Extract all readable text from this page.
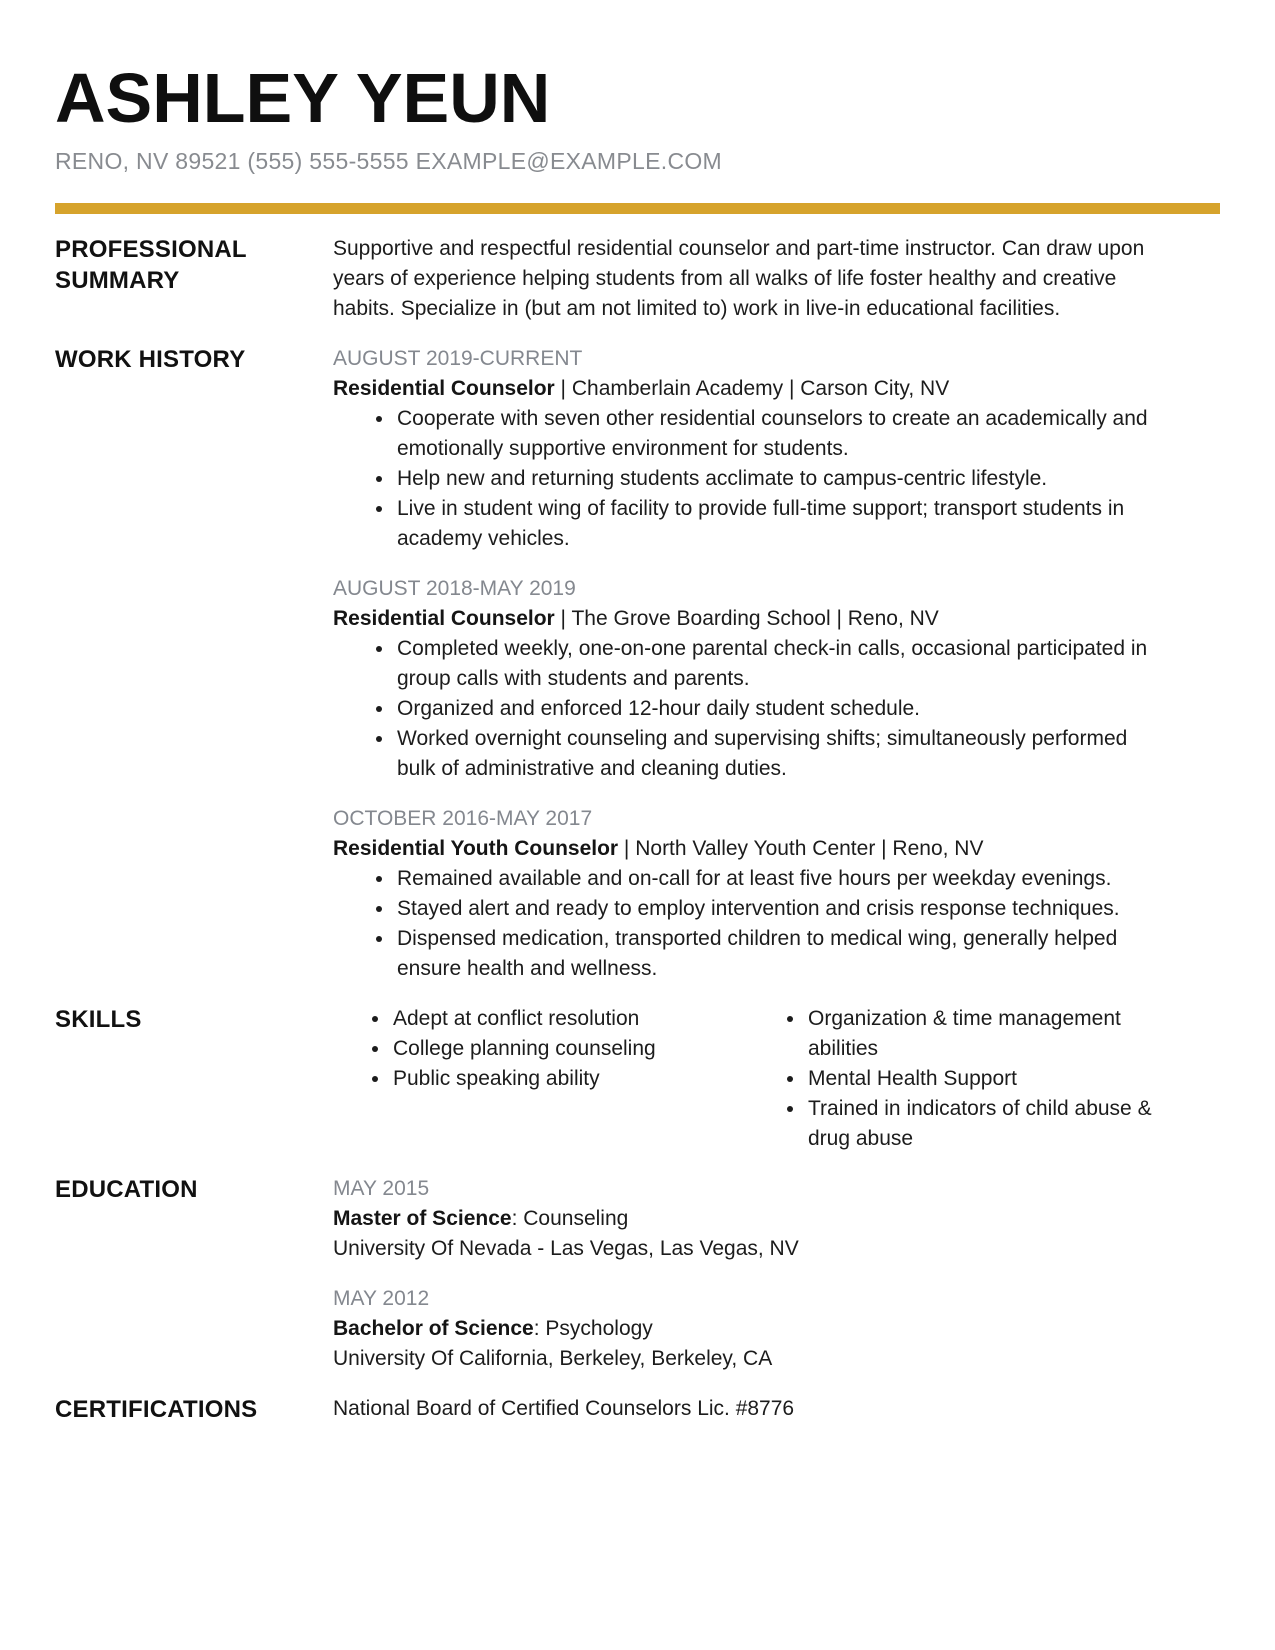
ASHLEY YEUN
RENO, NV 89521 (555) 555-5555 EXAMPLE@EXAMPLE.COM
PROFESSIONAL SUMMARY

Supportive and respectful residential counselor and part-time instructor. Can draw upon years of experience helping students from all walks of life foster healthy and creative habits. Specialize in (but am not limited to) work in live-in educational facilities.

WORK HISTORY	AUGUST 2019-CURRENT
Residential Counselor | Chamberlain Academy | Carson City, NV
• Cooperate with seven other residential counselors to create an academically and emotionally supportive environment for students.
• Help new and returning students acclimate to campus-centric lifestyle.
• Live in student wing of facility to provide full-time support; transport students in academy vehicles.
AUGUST 2018-MAY 2019
Residential Counselor | The Grove Boarding School | Reno, NV
• Completed weekly, one-on-one parental check-in calls, occasional participated in group calls with students and parents.
• Organized and enforced 12-hour daily student schedule.
• Worked overnight counseling and supervising shifts; simultaneously performed bulk of administrative and cleaning duties.
OCTOBER 2016-MAY 2017
Residential Youth Counselor | North Valley Youth Center | Reno, NV
• Remained available and on-call for at least five hours per weekday evenings.
• Stayed alert and ready to employ intervention and crisis response techniques.
• Dispensed medication, transported children to medical wing, generally helped ensure health and wellness.
SKILLS	• Adept at conflict resolution
• College planning counseling
• Public speaking ability
• Organization & time management abilities
• Mental Health Support
• Trained in indicators of child abuse & drug abuse
EDUCATION	MAY 2015
Master of Science: Counseling
University Of Nevada - Las Vegas, Las Vegas, NV
MAY 2012
Bachelor of Science: Psychology
University Of California, Berkeley, Berkeley, CA
CERTIFICATIONS	National Board of Certified Counselors Lic. #8776
